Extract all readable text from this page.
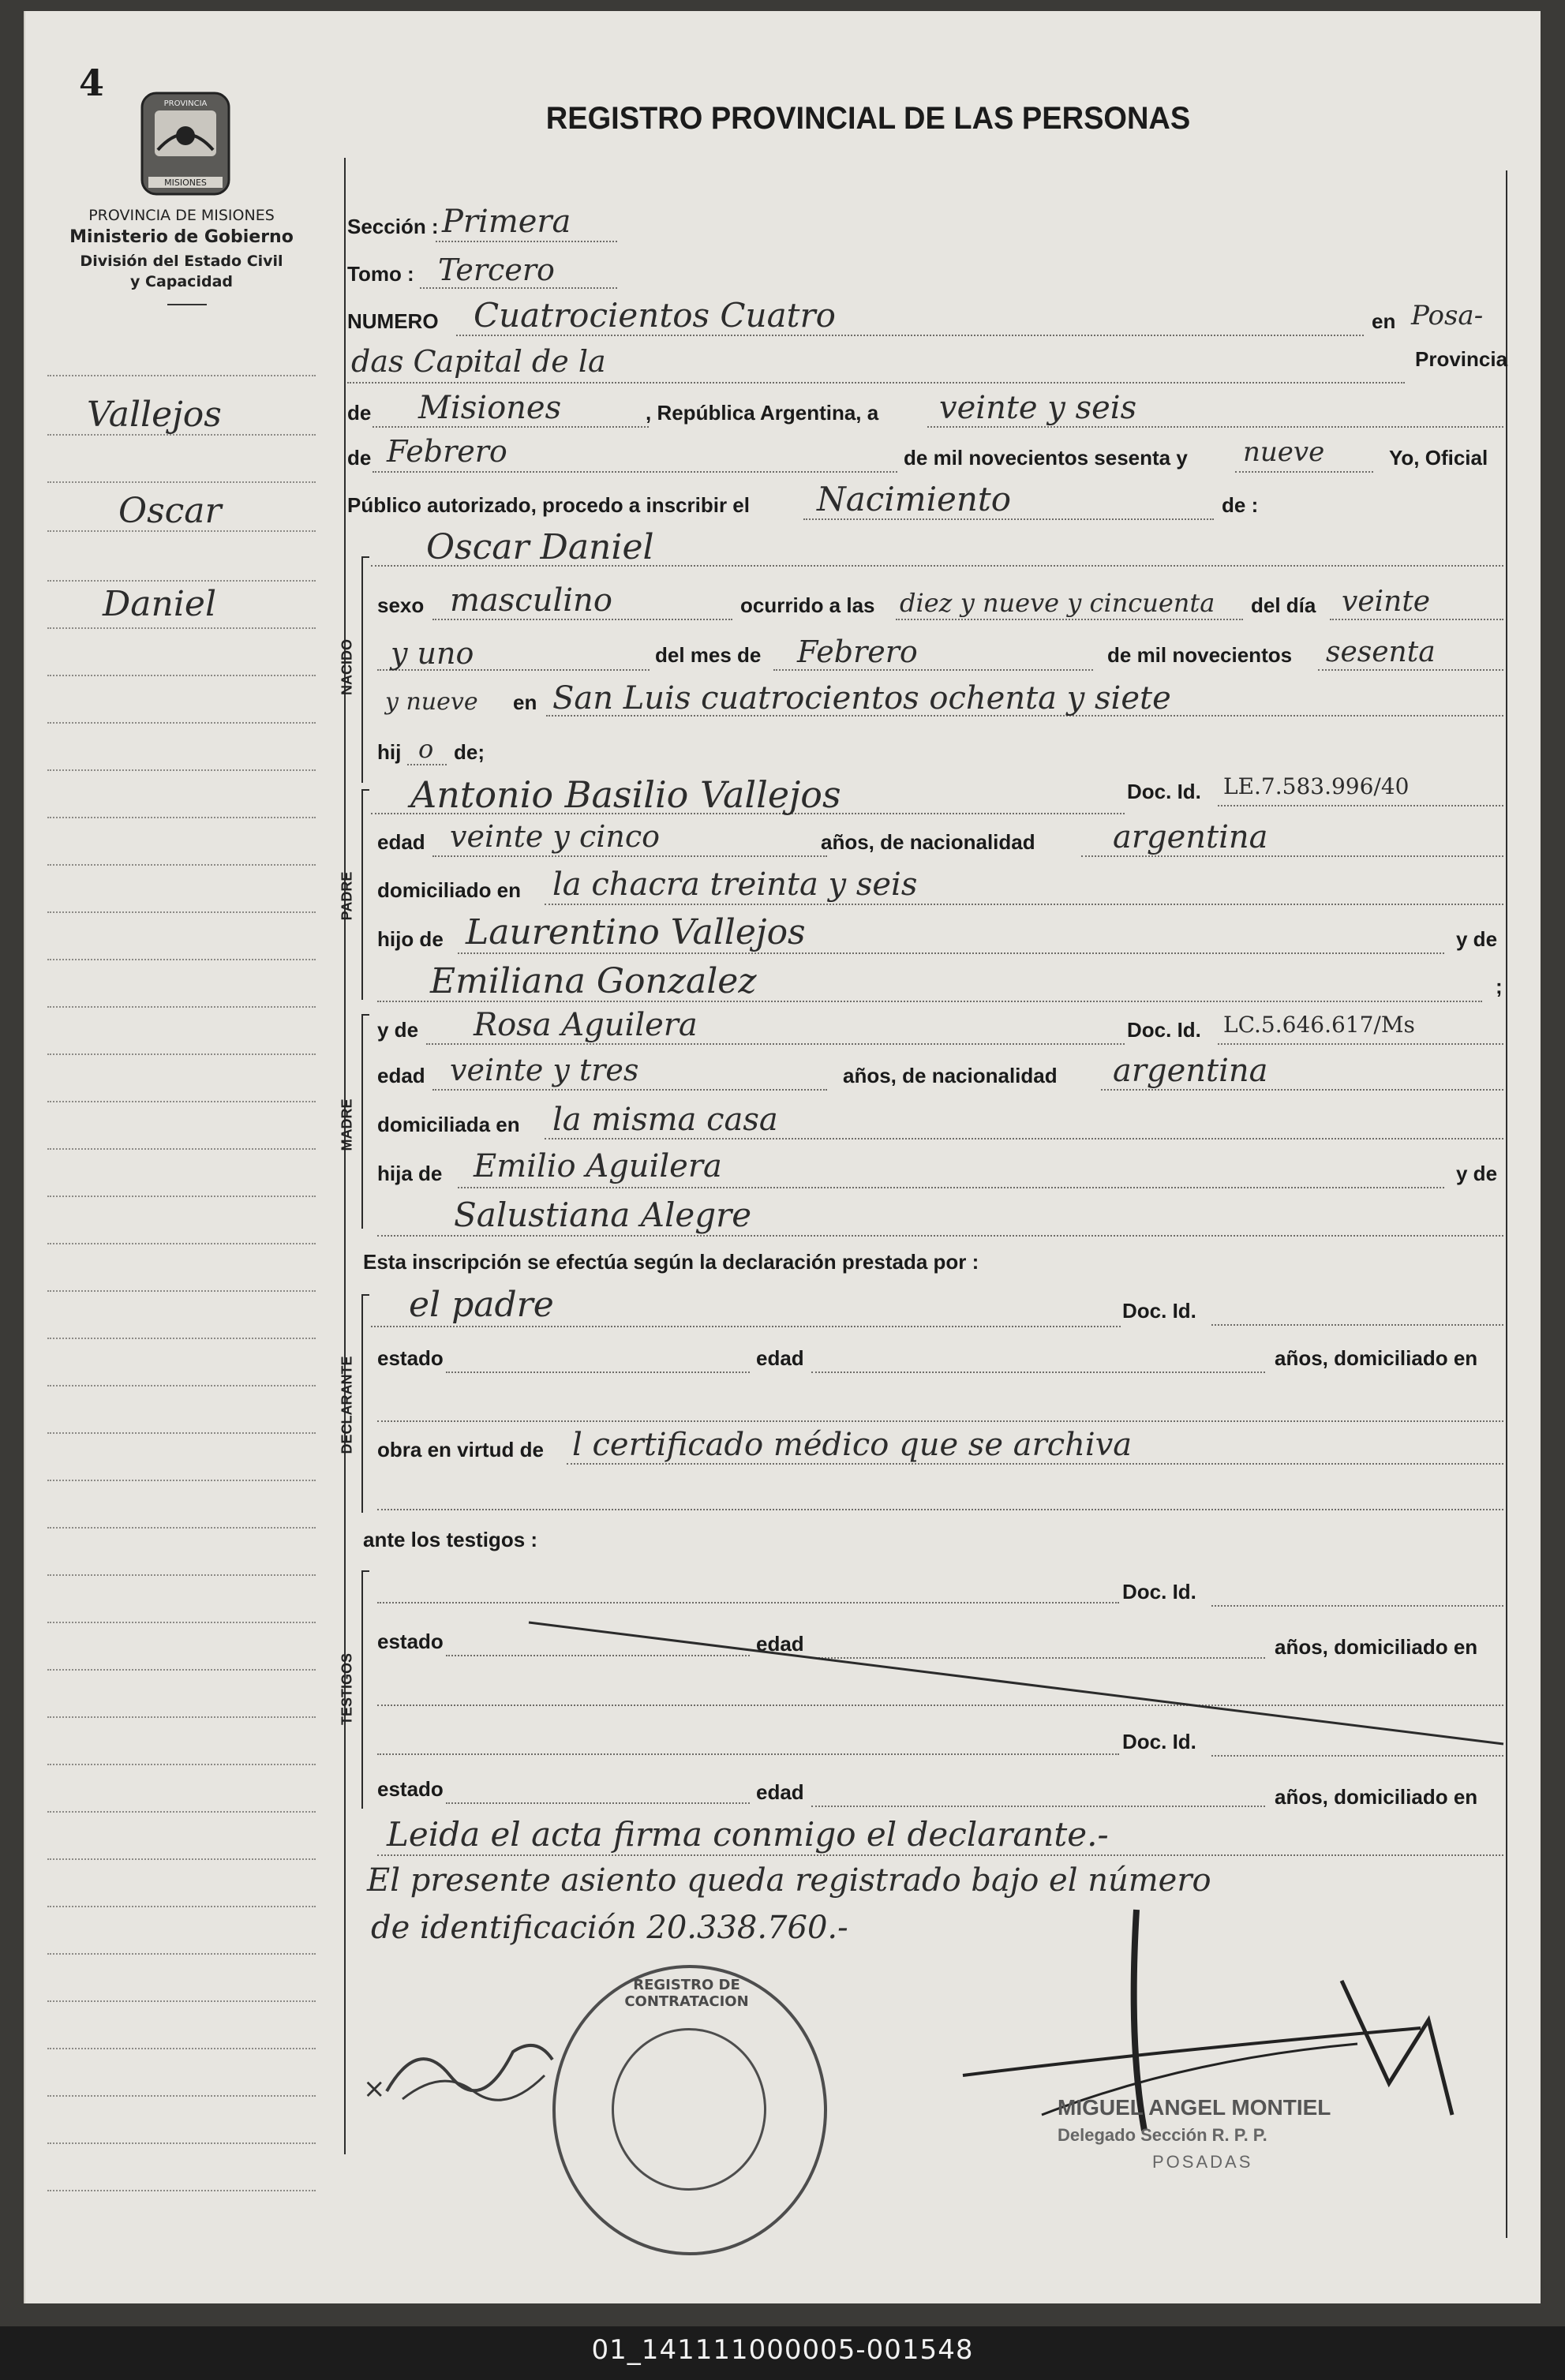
4
REGISTRO PROVINCIAL DE LAS PERSONAS
MISIONES
PROVINCIA
PROVINCIA DE MISIONES
Ministerio de Gobierno
División del Estado Civil
y Capacidad
Vallejos
Oscar
Daniel
Sección : Primera
Tomo : Tercero
NUMERO Cuatrocientos Cuatro	en Posa-
das Capital de la	Provincia
de Misiones	, República Argentina, a veinte y seis
de Febrero	de mil novecientos sesenta y nueve	Yo, Oficial
Público autorizado, procedo a inscribir el Nacimiento	de :
NACIDO
Oscar Daniel
sexo masculino	ocurrido a las diez y nueve y cincuenta del día veinte
y uno	del mes de Febrero	de mil novecientos sesenta
y nueve en San Luis cuatrocientos ochenta y siete
hij o de;
PADRE
Antonio Basilio Vallejos	Doc. Id. LE.7.583.996/40
edad veinte y cinco	años, de nacionalidad argentina
domiciliado en la chacra treinta y seis
hijo de Laurentino Vallejos	y de
Emiliana Gonzalez	;
MADRE
y de Rosa Aguilera	Doc. Id. LC.5.646.617/Ms
edad veinte y tres	años, de nacionalidad argentina
domiciliada en la misma casa
hija de Emilio Aguilera	y de
Salustiana Alegre
Esta inscripción se efectúa según la declaración prestada por :
DECLARANTE
el padre	Doc. Id.
estado	edad	años, domiciliado en
obra en virtud de l certificado médico que se archiva
ante los testigos :
TESTIGOS
Doc. Id.
estado	edad	años, domiciliado en
Doc. Id.
estado	edad	años, domiciliado en
Leida el acta firma conmigo el declarante.-
El presente asiento queda registrado bajo el número
de identificación 20.338.760.-
×
REGISTRO DE CONTRATACION
MIGUEL ANGEL MONTIEL
Delegado Sección R. P. P.
POSADAS
01_141111000005-001548
